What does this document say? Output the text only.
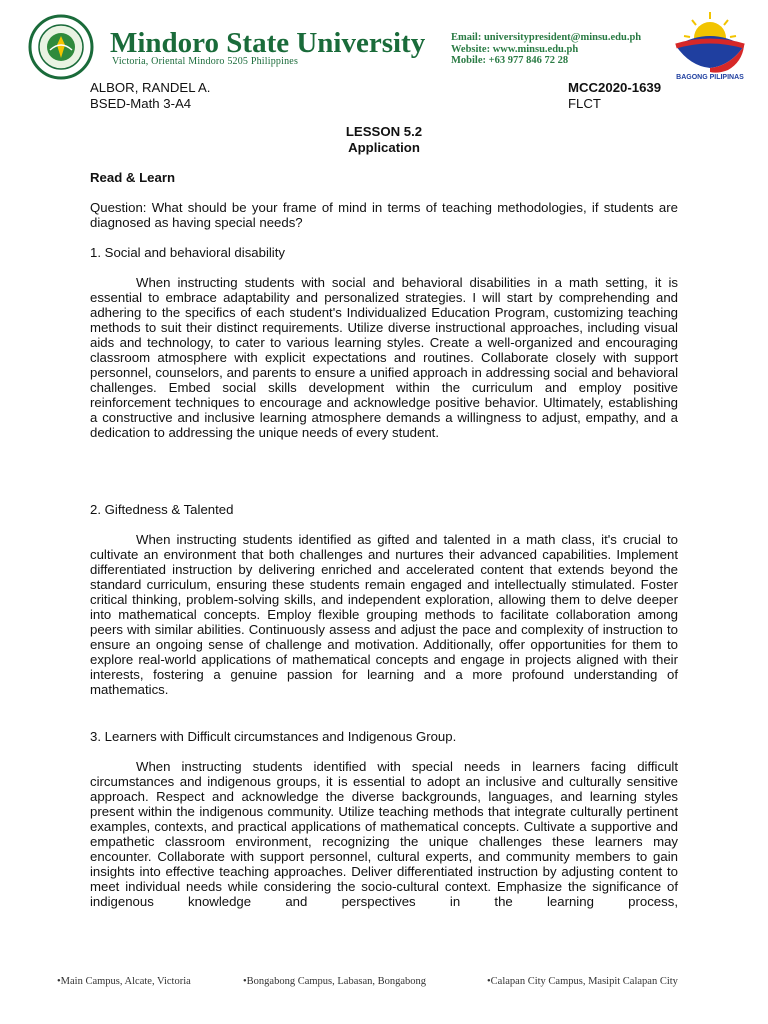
Mindoro State University
Victoria, Oriental Mindoro 5205 Philippines
Email: universitypresident@minsu.edu.ph
Website: www.minsu.edu.ph
Mobile: +63 977 846 72 28
BAGONG PILIPINAS
ALBOR, RANDEL A.	MCC2020-1639
BSED-Math 3-A4	FLCT
LESSON 5.2
Application
Read & Learn
Question: What should be your frame of mind in terms of teaching methodologies, if students are diagnosed as having special needs?
1. Social and behavioral disability
When instructing students with social and behavioral disabilities in a math setting, it is essential to embrace adaptability and personalized strategies. I will start by comprehending and adhering to the specifics of each student's Individualized Education Program, customizing teaching methods to suit their distinct requirements. Utilize diverse instructional approaches, including visual aids and technology, to cater to various learning styles. Create a well-organized and encouraging classroom atmosphere with explicit expectations and routines. Collaborate closely with support personnel, counselors, and parents to ensure a unified approach in addressing social and behavioral challenges. Embed social skills development within the curriculum and employ positive reinforcement techniques to encourage and acknowledge positive behavior. Ultimately, establishing a constructive and inclusive learning atmosphere demands a willingness to adjust, empathy, and a dedication to addressing the unique needs of every student.
2. Giftedness & Talented
When instructing students identified as gifted and talented in a math class, it's crucial to cultivate an environment that both challenges and nurtures their advanced capabilities. Implement differentiated instruction by delivering enriched and accelerated content that extends beyond the standard curriculum, ensuring these students remain engaged and intellectually stimulated. Foster critical thinking, problem-solving skills, and independent exploration, allowing them to delve deeper into mathematical concepts. Employ flexible grouping methods to facilitate collaboration among peers with similar abilities. Continuously assess and adjust the pace and complexity of instruction to ensure an ongoing sense of challenge and motivation. Additionally, offer opportunities for them to explore real-world applications of mathematical concepts and engage in projects aligned with their interests, fostering a genuine passion for learning and a more profound understanding of mathematics.
3. Learners with Difficult circumstances and Indigenous Group.
When instructing students identified with special needs in learners facing difficult circumstances and indigenous groups, it is essential to adopt an inclusive and culturally sensitive approach. Respect and acknowledge the diverse backgrounds, languages, and learning styles present within the indigenous community. Utilize teaching methods that integrate culturally pertinent examples, contexts, and practical applications of mathematical concepts. Cultivate a supportive and empathetic classroom environment, recognizing the unique challenges these learners may encounter. Collaborate with support personnel, cultural experts, and community members to gain insights into effective teaching approaches. Deliver differentiated instruction by adjusting content to meet individual needs while considering the socio-cultural context. Emphasize the significance of indigenous knowledge and perspectives in the learning process,
•Main Campus, Alcate, Victoria	•Bongabong Campus, Labasan, Bongabong	•Calapan City Campus, Masipit Calapan City
